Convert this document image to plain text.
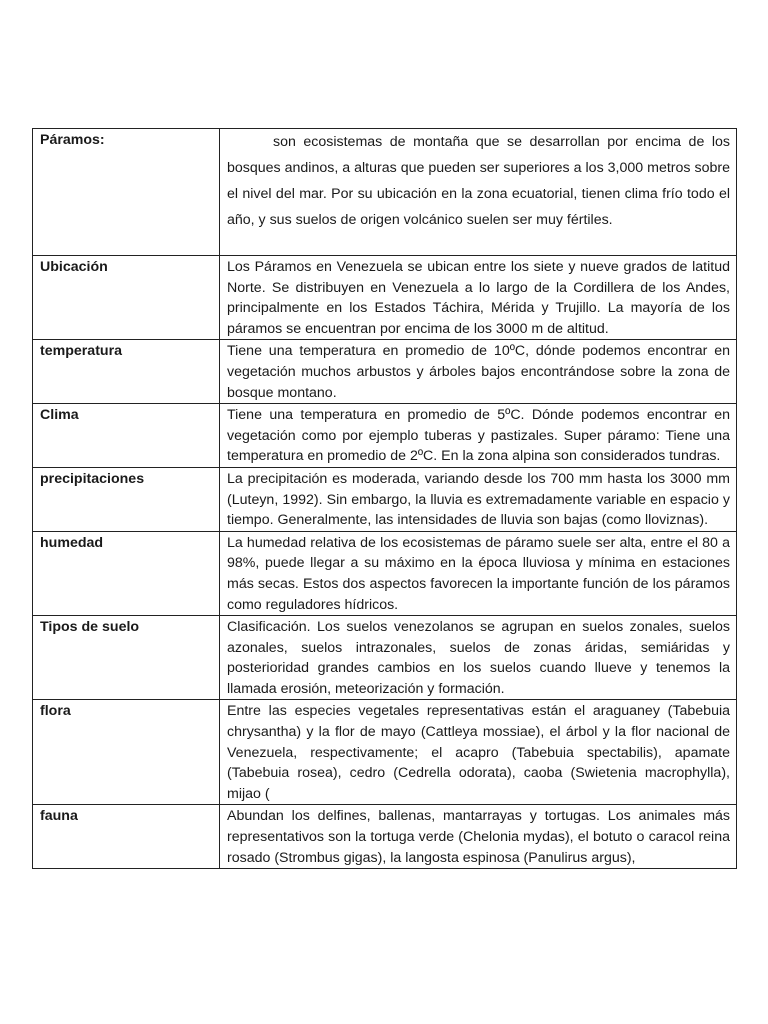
Páramos:	son ecosistemas de montaña que se desarrollan por encima de los bosques andinos, a alturas que pueden ser superiores a los 3,000 metros sobre el nivel del mar. Por su ubicación en la zona ecuatorial, tienen clima frío todo el año, y sus suelos de origen volcánico suelen ser muy fértiles.
Ubicación	Los Páramos en Venezuela se ubican entre los siete y nueve grados de latitud Norte. Se distribuyen en Venezuela a lo largo de la Cordillera de los Andes, principalmente en los Estados Táchira, Mérida y Trujillo. La mayoría de los páramos se encuentran por encima de los 3000 m de altitud.
temperatura	Tiene una temperatura en promedio de 10ºC, dónde podemos encontrar en vegetación muchos arbustos y árboles bajos encontrándose sobre la zona de bosque montano.
Clima	Tiene una temperatura en promedio de 5ºC. Dónde podemos encontrar en vegetación como por ejemplo tuberas y pastizales. Super páramo: Tiene una temperatura en promedio de 2ºC. En la zona alpina son considerados tundras.
precipitaciones	La precipitación es moderada, variando desde los 700 mm hasta los 3000 mm (Luteyn, 1992). Sin embargo, la lluvia es extremadamente variable en espacio y tiempo. Generalmente, las intensidades de lluvia son bajas (como lloviznas).
humedad	La humedad relativa de los ecosistemas de páramo suele ser alta, entre el 80 a 98%, puede llegar a su máximo en la época lluviosa y mínima en estaciones más secas. Estos dos aspectos favorecen la importante función de los páramos como reguladores hídricos.
Tipos de suelo	Clasificación. Los suelos venezolanos se agrupan en suelos zonales, suelos azonales, suelos intrazonales, suelos de zonas áridas, semiáridas y posterioridad grandes cambios en los suelos cuando llueve y tenemos la llamada erosión, meteorización y formación.
flora	Entre las especies vegetales representativas están el araguaney (Tabebuia chrysantha) y la flor de mayo (Cattleya mossiae), el árbol y la flor nacional de Venezuela, respectivamente; el acapro (Tabebuia spectabilis), apamate (Tabebuia rosea), cedro (Cedrella odorata), caoba (Swietenia macrophylla), mijao (
fauna	Abundan los delfines, ballenas, mantarrayas y tortugas. Los animales más representativos son la tortuga verde (Chelonia mydas), el botuto o caracol reina rosado (Strombus gigas), la langosta espinosa (Panulirus argus),
